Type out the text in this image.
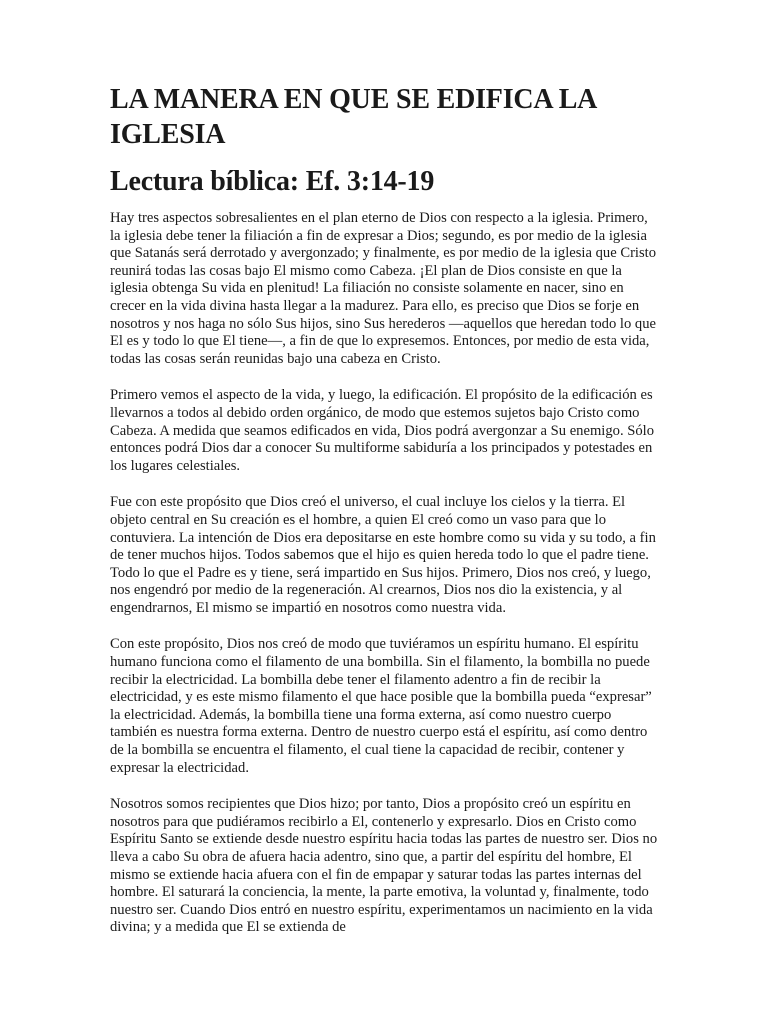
LA MANERA EN QUE SE EDIFICA LA IGLESIA
Lectura bíblica: Ef. 3:14-19

Hay tres aspectos sobresalientes en el plan eterno de Dios con respecto a la iglesia. Primero, la iglesia debe tener la filiación a fin de expresar a Dios; segundo, es por medio de la iglesia que Satanás será derrotado y avergonzado; y finalmente, es por medio de la iglesia que Cristo reunirá todas las cosas bajo El mismo como Cabeza. ¡El plan de Dios consiste en que la iglesia obtenga Su vida en plenitud! La filiación no consiste solamente en nacer, sino en crecer en la vida divina hasta llegar a la madurez. Para ello, es preciso que Dios se forje en nosotros y nos haga no sólo Sus hijos, sino Sus herederos —aquellos que heredan todo lo que El es y todo lo que El tiene—, a fin de que lo expresemos. Entonces, por medio de esta vida, todas las cosas serán reunidas bajo una cabeza en Cristo.

Primero vemos el aspecto de la vida, y luego, la edificación. El propósito de la edificación es llevarnos a todos al debido orden orgánico, de modo que estemos sujetos bajo Cristo como Cabeza. A medida que seamos edificados en vida, Dios podrá avergonzar a Su enemigo. Sólo entonces podrá Dios dar a conocer Su multiforme sabiduría a los principados y potestades en los lugares celestiales.

Fue con este propósito que Dios creó el universo, el cual incluye los cielos y la tierra. El objeto central en Su creación es el hombre, a quien El creó como un vaso para que lo contuviera. La intención de Dios era depositarse en este hombre como su vida y su todo, a fin de tener muchos hijos. Todos sabemos que el hijo es quien hereda todo lo que el padre tiene. Todo lo que el Padre es y tiene, será impartido en Sus hijos. Primero, Dios nos creó, y luego, nos engendró por medio de la regeneración. Al crearnos, Dios nos dio la existencia, y al engendrarnos, El mismo se impartió en nosotros como nuestra vida.

Con este propósito, Dios nos creó de modo que tuviéramos un espíritu humano. El espíritu humano funciona como el filamento de una bombilla. Sin el filamento, la bombilla no puede recibir la electricidad. La bombilla debe tener el filamento adentro a fin de recibir la electricidad, y es este mismo filamento el que hace posible que la bombilla pueda “expresar” la electricidad. Además, la bombilla tiene una forma externa, así como nuestro cuerpo también es nuestra forma externa. Dentro de nuestro cuerpo está el espíritu, así como dentro de la bombilla se encuentra el filamento, el cual tiene la capacidad de recibir, contener y expresar la electricidad.

Nosotros somos recipientes que Dios hizo; por tanto, Dios a propósito creó un espíritu en nosotros para que pudiéramos recibirlo a El, contenerlo y expresarlo. Dios en Cristo como Espíritu Santo se extiende desde nuestro espíritu hacia todas las partes de nuestro ser. Dios no lleva a cabo Su obra de afuera hacia adentro, sino que, a partir del espíritu del hombre, El mismo se extiende hacia afuera con el fin de empapar y saturar todas las partes internas del hombre. El saturará la conciencia, la mente, la parte emotiva, la voluntad y, finalmente, todo nuestro ser. Cuando Dios entró en nuestro espíritu, experimentamos un nacimiento en la vida divina; y a medida que El se extienda de
